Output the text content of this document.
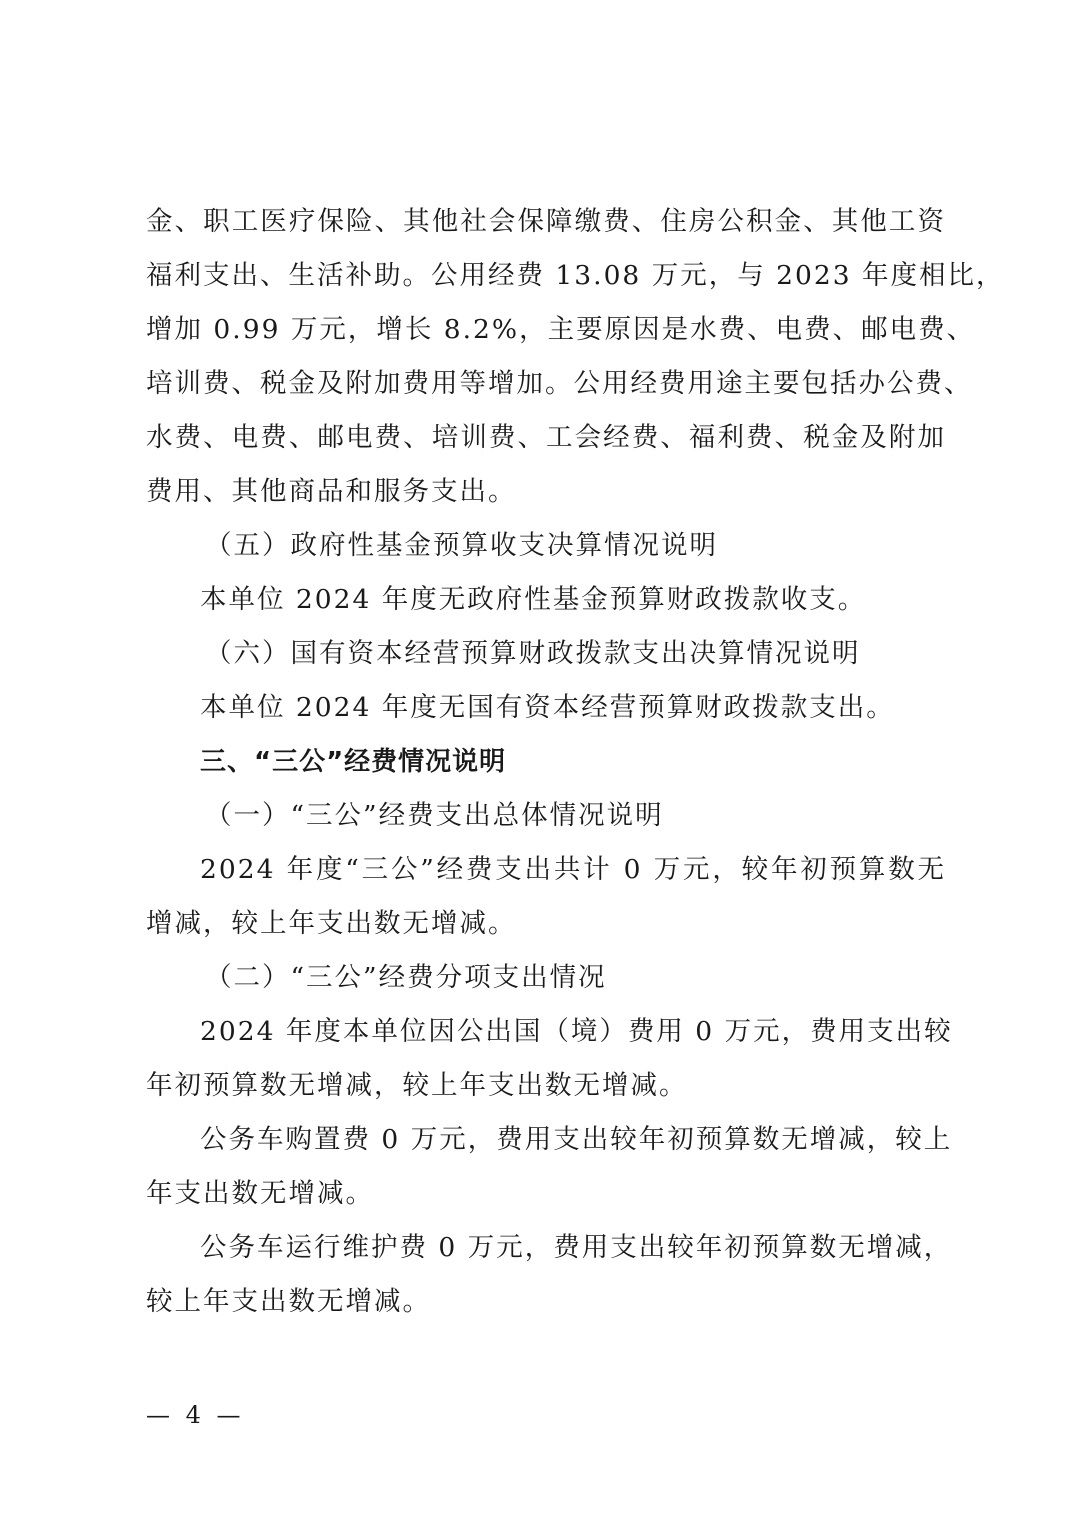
金、职工医疗保险、其他社会保障缴费、住房公积金、其他工资
福利支出、生活补助。公用经费 13.08 万元，与 2023 年度相比，
增加 0.99 万元，增长 8.2%，主要原因是水费、电费、邮电费、
培训费、税金及附加费用等增加。公用经费用途主要包括办公费、
水费、电费、邮电费、培训费、工会经费、福利费、税金及附加
费用、其他商品和服务支出。
（五）政府性基金预算收支决算情况说明
本单位 2024 年度无政府性基金预算财政拨款收支。
（六）国有资本经营预算财政拨款支出决算情况说明
本单位 2024 年度无国有资本经营预算财政拨款支出。
三、“三公”经费情况说明
（一）“三公”经费支出总体情况说明
2024 年度“三公”经费支出共计 0 万元，较年初预算数无
增减，较上年支出数无增减。
（二）“三公”经费分项支出情况
2024 年度本单位因公出国（境）费用 0 万元，费用支出较
年初预算数无增减，较上年支出数无增减。
公务车购置费 0 万元，费用支出较年初预算数无增减，较上
年支出数无增减。
公务车运行维护费 0 万元，费用支出较年初预算数无增减，
较上年支出数无增减。
— 4 —
